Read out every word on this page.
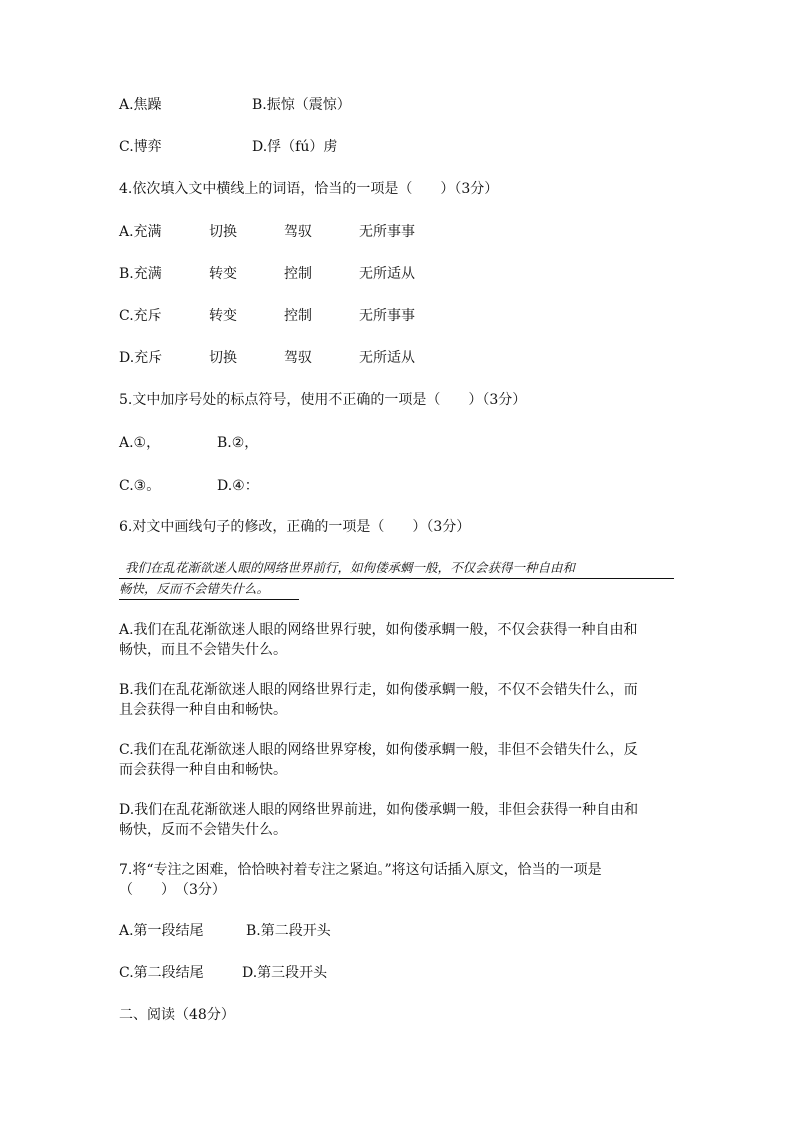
A.焦躁	B.振惊（震惊）
C.博弈	D.俘（fú）虏
4.依次填入文中横线上的词语，恰当的一项是（　　）（3分）
A.充满	切换	驾驭	无所事事
B.充满	转变	控制	无所适从
C.充斥	转变	控制	无所事事
D.充斥	切换	驾驭	无所适从
5.文中加序号处的标点符号，使用不正确的一项是（　　）（3分）
A.①，	B.②，
C.③。	D.④：
6.对文中画线句子的修改，正确的一项是（　　）（3分）
我们在乱花渐欲迷人眼的网络世界前行，如佝偻承蜩一般，不仅会获得一种自由和
畅快，反而不会错失什么。
A.我们在乱花渐欲迷人眼的网络世界行驶，如佝偻承蜩一般，不仅会获得一种自由和
畅快，而且不会错失什么。
B.我们在乱花渐欲迷人眼的网络世界行走，如佝偻承蜩一般，不仅不会错失什么，而
且会获得一种自由和畅快。
C.我们在乱花渐欲迷人眼的网络世界穿梭，如佝偻承蜩一般，非但不会错失什么，反
而会获得一种自由和畅快。
D.我们在乱花渐欲迷人眼的网络世界前进，如佝偻承蜩一般，非但会获得一种自由和
畅快，反而不会错失什么。
7.将“专注之困难，恰恰映衬着专注之紧迫。”将这句话插入原文，恰当的一项是
（　　）　（3分）
A.第一段结尾	B.第二段开头
C.第二段结尾	D.第三段开头
二、阅读（48分）
